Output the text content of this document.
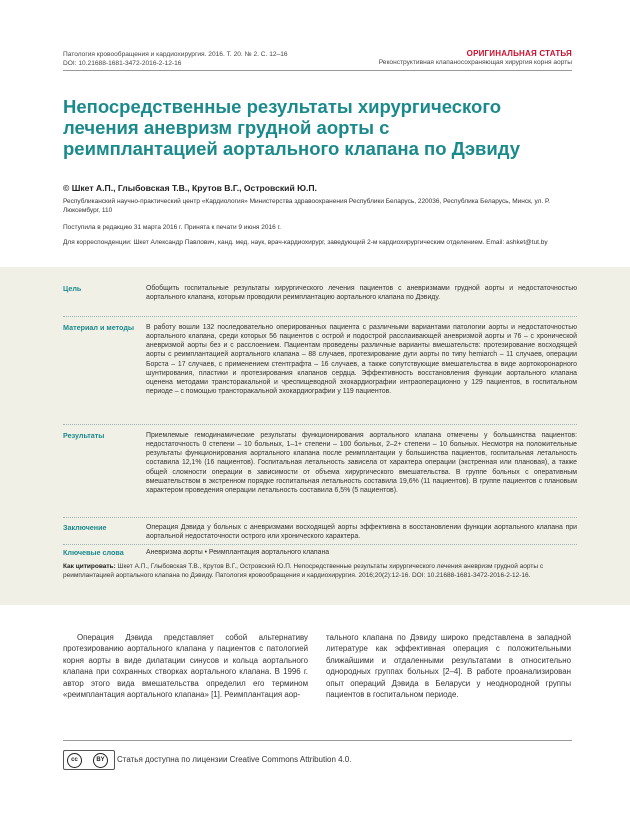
Патология кровообращения и кардиохирургия. 2016. Т. 20. № 2. С. 12–16
DOI: 10.21688-1681-3472-2016-2-12-16
ОРИГИНАЛЬНАЯ СТАТЬЯ
Реконструктивная клапаносохраняющая хирургия корня аорты
Непосредственные результаты хирургического лечения аневризм грудной аорты с реимплантацией аортального клапана по Дэвиду
© Шкет А.П., Глыбовская Т.В., Крутов В.Г., Островский Ю.П.
Республиканский научно-практический центр «Кардиология» Министерства здравоохранения Республики Беларусь, 220036, Республика Беларусь, Минск, ул. Р. Люксембург, 110
Поступила в редакцию 31 марта 2016 г. Принята к печати 9 июня 2016 г.
Для корреспонденции: Шкет Александр Павлович, канд. мед. наук, врач-кардиохирург, заведующий 2-м кардиохирургическим отделением. Email: ashket@tut.by
Цель	Обобщить госпитальные результаты хирургического лечения пациентов с аневризмами грудной аорты и недостаточностью аортального клапана, которым проводили реимплантацию аортального клапана по Дэвиду.
Материал и методы	В работу вошли 132 последовательно оперированных пациента с различными вариантами патологии аорты и недостаточностью аортального клапана, среди которых 56 пациентов с острой и подострой расслаивающей аневризмой аорты и 76 – с хронической аневризмой аорты без и с расслоением. Пациентам проведены различные варианты вмешательств: протезирование восходящей аорты с реимплантацией аортального клапана – 88 случаев, протезирование дуги аорты по типу hemiarch – 11 случаев, операции Борста – 17 случаев, с применением стентграфта – 16 случаев, а также сопутствующие вмешательства в виде аортокоронарного шунтирования, пластики и протезирования клапанов сердца. Эффективность восстановления функции аортального клапана оценена методами трансторакальной и чреспищеводной эхокардиографии интраоперационно у 129 пациентов, в госпитальном периоде – с помощью трансторакальной эхокардиографии у 119 пациентов.
Результаты	Приемлемые гемодинамические результаты функционирования аортального клапана отмечены у большинства пациентов: недостаточность 0 степени – 10 больных, 1–1+ степени – 100 больных, 2–2+ степени – 10 больных. Несмотря на положительные результаты функционирования аортального клапана после реимплантации у большинства пациентов, госпитальная летальность составила 12,1% (16 пациентов). Госпитальная летальность зависела от характера операции (экстренная или плановая), а также общей сложности операции в зависимости от объема хирургического вмешательства. В группе больных с оперативным вмешательством в экстренном порядке госпитальная летальность составила 19,6% (11 пациентов). В группе пациентов с плановым характером проведения операции летальность составила 6,5% (5 пациентов).
Заключение	Операция Дэвида у больных с аневризмами восходящей аорты эффективна в восстановлении функции аортального клапана при аортальной недостаточности острого или хронического характера.
Ключевые слова	Аневризма аорты • Реимплантация аортального клапана
Как цитировать: Шкет А.П., Глыбовская Т.В., Крутов В.Г., Островский Ю.П. Непосредственные результаты хирургического лечения аневризм грудной аорты с реимплантацией аортального клапана по Дэвиду. Патология кровообращения и кардиохирургия. 2016;20(2):12-16. DOI: 10.21688-1681-3472-2016-2-12-16.
Операция Дэвида представляет собой альтернативу протезированию аортального клапана у пациентов с патологией корня аорты в виде дилатации синусов и кольца аортального клапана при сохранных створках аортального клапана. В 1996 г. автор этого вида вмешательства определил его термином «реимплантация аортального клапана» [1]. Реимплантация аор-
тального клапана по Дэвиду широко представлена в западной литературе как эффективная операция с положительными ближайшими и отдаленными результатами в относительно однородных группах больных [2–4]. В работе проанализирован опыт операций Дэвида в Беларуси у неоднородной группы пациентов в госпитальном периоде.
cc	BY	Статья доступна по лицензии Creative Commons Attribution 4.0.
